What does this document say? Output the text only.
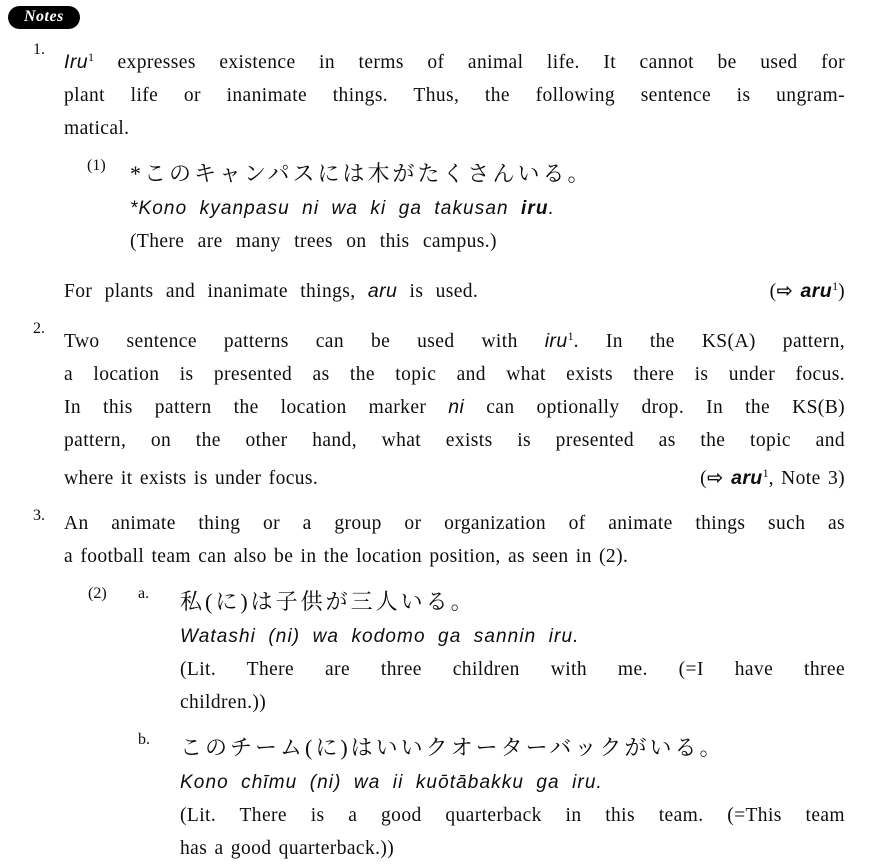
Notes
1.
Iru$^1$ expresses existence in terms of animal life. It cannot be used for
plant life or inanimate things. Thus, the following sentence is ungram-
matical.
(1)	*このキャンパスには木がたくさんいる。
*Kono kyanpasu ni wa ki ga takusan iru.
(There are many trees on this campus.)
For plants and inanimate things, aru is used.	(⇨ aru$^1$)
2.
Two sentence patterns can be used with iru$^1$. In the KS(A) pattern,
a location is presented as the topic and what exists there is under focus.
In this pattern the location marker ni can optionally drop. In the KS(B)
pattern, on the other hand, what exists is presented as the topic and
where it exists is under focus.	(⇨ aru$^1$, Note 3)
3. An animate thing or a group or organization of animate things such as
a football team can also be in the location position, as seen in (2).
(2)	a.	私(に)は子供が三人いる。
Watashi (ni) wa kodomo ga sannin iru.
(Lit. There are three children with me. (=I have three
children.))
b.	このチーム(に)はいいクオーターバックがいる。
Kono chīmu (ni) wa ii kuōtābakku ga iru.
(Lit. There is a good quarterback in this team. (=This team
has a good quarterback.))
